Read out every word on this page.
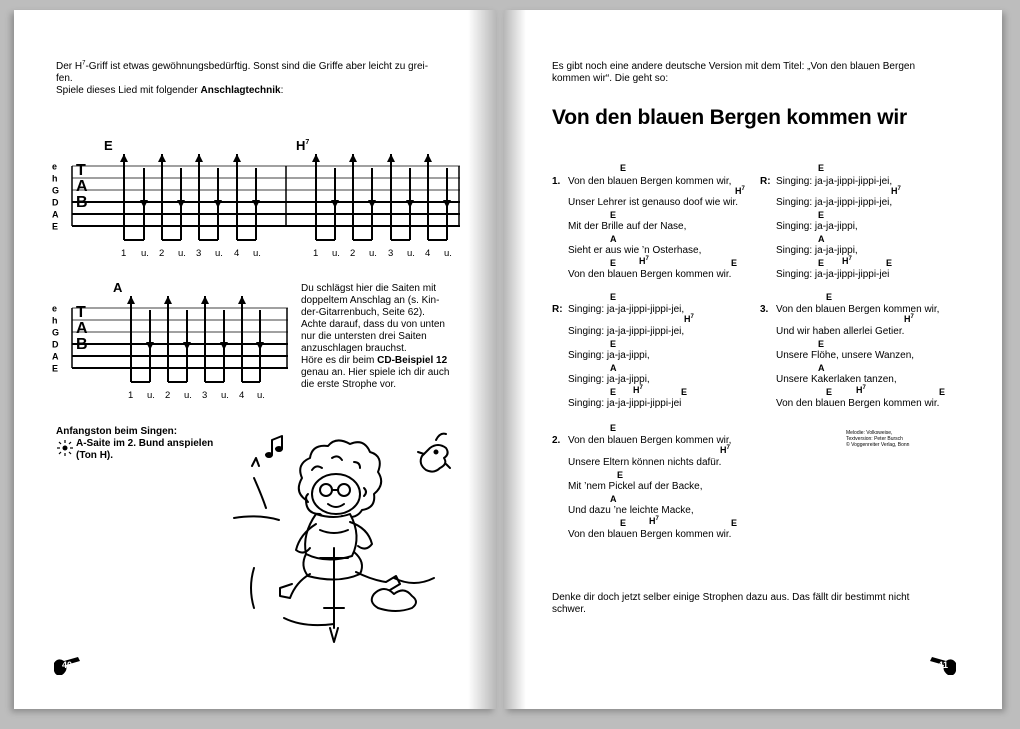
Der $H^7$-Griff ist etwas gewöhnungsbedürftig. Sonst sind die Griffe aber leicht zu grei-
fen.
Spiele dieses Lied mit folgender Anschlagtechnik:
E	$H^7$
e
h
G
D
A
E
T
A
B
1 u. 2 u. 3 u. 4 u.	1 u. 2 u. 3 u. 4 u.
A
e
h
G
D
A
E
T
A
B
1 u. 2 u. 3 u. 4 u.
Du schlägst hier die Saiten mit
doppeltem Anschlag an (s. Kin-
der-Gitarrenbuch, Seite 62).
Achte darauf, dass du von unten
nur die untersten drei Saiten
anzuschlagen brauchst.
Höre es dir beim CD-Beispiel 12
genau an. Hier spiele ich dir auch
die erste Strophe vor.
Anfangston beim Singen:
A-Saite im 2. Bund anspielen
(Ton H).
40
Es gibt noch eine andere deutsche Version mit dem Titel: „Von den blauen Bergen
kommen wir“. Die geht so:
Von den blauen Bergen kommen wir
1.
E
Von den blauen Bergen kommen wir,
$H^7$
Unser Lehrer ist genauso doof wie wir.
E
Mit der Brille auf der Nase,
A
Sieht er aus wie ’n Osterhase,
E	$H^7$	E
Von den blauen Bergen kommen wir.
R:
E
Singing: ja-ja-jippi-jippi-jei,
$H^7$
Singing: ja-ja-jippi-jippi-jei,
E
Singing: ja-ja-jippi,
A
Singing: ja-ja-jippi,
E $H^7$	E
Singing: ja-ja-jippi-jippi-jei
R:
E
Singing: ja-ja-jippi-jippi-jei,
$H^7$
Singing: ja-ja-jippi-jippi-jei,
E
Singing: ja-ja-jippi,
A
Singing: ja-ja-jippi,
E $H^7$	E
Singing: ja-ja-jippi-jippi-jei
3.
E
Von den blauen Bergen kommen wir,
$H^7$
Und wir haben allerlei Getier.
E
Unsere Flöhe, unsere Wanzen,
A
Unsere Kakerlaken tanzen,
E	$H^7$	E
Von den blauen Bergen kommen wir.
2.
E
Von den blauen Bergen kommen wir,
$H^7$
Unsere Eltern können nichts dafür.
E
Mit ’nem Pickel auf der Backe,
A
Und dazu ’ne leichte Macke,
E	$H^7$	E
Von den blauen Bergen kommen wir.
Melodie: Volksweise,
Textversion: Peter Bursch
© Voggenreiter Verlag, Bonn
Denke dir doch jetzt selber einige Strophen dazu aus. Das fällt dir bestimmt nicht
schwer.
41
